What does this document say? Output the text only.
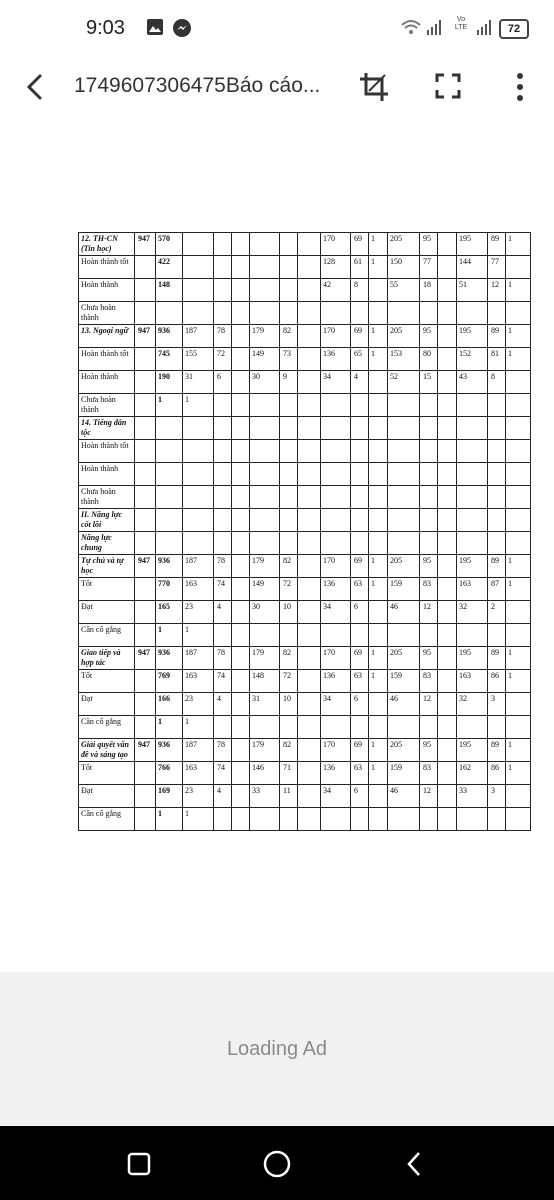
9:03	Vo LTE	72
1749607306475Báo cáo...
12. TH-CN (Tin học)	947	570							170	69	1	205	95		195	89	1
Hoàn thành tốt		422							128	61	1	150	77		144	77	
Hoàn thành		148							42	8		55	18		51	12	1
Chưa hoàn thành																	
13. Ngoại ngữ	947	936	187	78		179	82		170	69	1	205	95		195	89	1
Hoàn thành tốt		745	155	72		149	73		136	65	1	153	80		152	81	1
Hoàn thành		190	31	6		30	9		34	4		52	15		43	8	
Chưa hoàn thành		1	1														
14. Tiếng dân tộc																	
Hoàn thành tốt																	
Hoàn thành																	
Chưa hoàn thành																	
II. Năng lực cốt lõi																	
Năng lực chung																	
Tự chủ và tự học	947	936	187	78		179	82		170	69	1	205	95		195	89	1
Tốt		770	163	74		149	72		136	63	1	159	83		163	87	1
Đạt		165	23	4		30	10		34	6		46	12		32	2	
Cần cố gắng		1	1														
Giao tiếp và hợp tác	947	936	187	78		179	82		170	69	1	205	95		195	89	1
Tốt		769	163	74		148	72		136	63	1	159	83		163	86	1
Đạt		166	23	4		31	10		34	6		46	12		32	3	
Cần cố gắng		1	1														
Giải quyết vấn đề và sáng tạo	947	936	187	78		179	82		170	69	1	205	95		195	89	1
Tốt		766	163	74		146	71		136	63	1	159	83		162	86	1
Đạt		169	23	4		33	11		34	6		46	12		33	3	
Cần cố gắng		1	1														
Loading Ad
